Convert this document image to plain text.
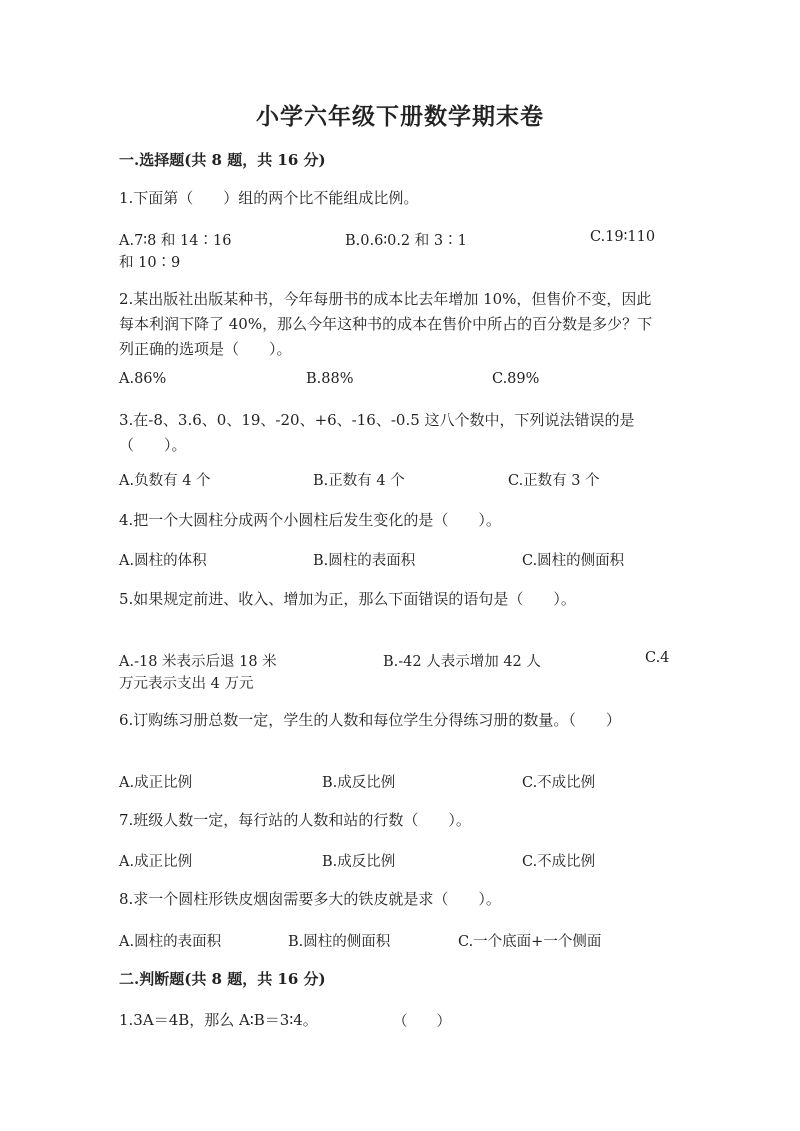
小学六年级下册数学期末卷
一.选择题(共 8 题，共 16 分)
1.下面第（　　）组的两个比不能组成比例。
A.7∶8 和 14∶16	B.0.6∶0.2 和 3∶1	C.19∶110
和 10∶9
2.某出版社出版某种书，今年每册书的成本比去年增加 10%，但售价不变，因此每本利润下降了 40%，那么今年这种书的成本在售价中所占的百分数是多少？下列正确的选项是（　　）。
A.86%	B.88%	C.89%
3.在-8、3.6、0、19、-20、+6、-16、-0.5 这八个数中，下列说法错误的是（　　）。
A.负数有 4 个	B.正数有 4 个	C.正数有 3 个
4.把一个大圆柱分成两个小圆柱后发生变化的是（　　）。
A.圆柱的体积	B.圆柱的表面积	C.圆柱的侧面积
5.如果规定前进、收入、增加为正，那么下面错误的语句是（　　）。
A.-18 米表示后退 18 米	B.-42 人表示增加 42 人	C.4
万元表示支出 4 万元
6.订购练习册总数一定，学生的人数和每位学生分得练习册的数量。（　　）
A.成正比例	B.成反比例	C.不成比例
7.班级人数一定，每行站的人数和站的行数（　　）。
A.成正比例	B.成反比例	C.不成比例
8.求一个圆柱形铁皮烟囱需要多大的铁皮就是求（　　）。
A.圆柱的表面积	B.圆柱的侧面积	C.一个底面+一个侧面
二.判断题(共 8 题，共 16 分)
1.3A＝4B，那么 A∶B＝3∶4。	（　　）
